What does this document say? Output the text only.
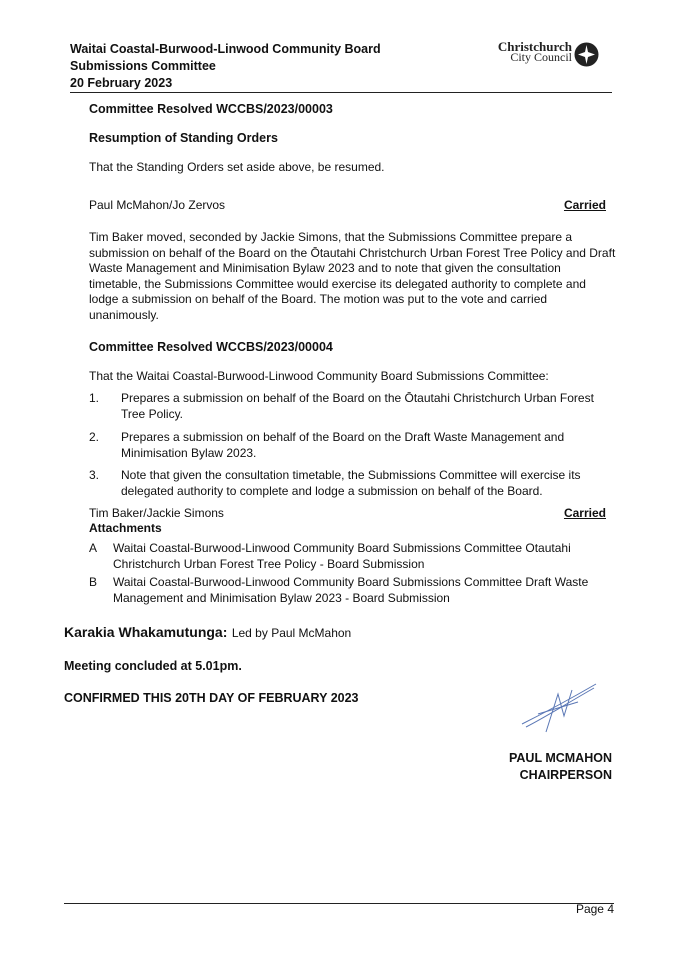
Waitai Coastal-Burwood-Linwood Community Board
Submissions Committee
20 February 2023
Christchurch
City Council
Committee Resolved WCCBS/2023/00003
Resumption of Standing Orders
That the Standing Orders set aside above, be resumed.
Paul McMahon/Jo Zervos	Carried
Tim Baker moved, seconded by Jackie Simons, that the Submissions Committee prepare a
submission on behalf of the Board on the Ōtautahi Christchurch Urban Forest Tree Policy and Draft
Waste Management and Minimisation Bylaw 2023 and to note that given the consultation
timetable, the Submissions Committee would exercise its delegated authority to complete and
lodge a submission on behalf of the Board. The motion was put to the vote and carried
unanimously.
Committee Resolved WCCBS/2023/00004
That the Waitai Coastal-Burwood-Linwood Community Board Submissions Committee:
1.	Prepares a submission on behalf of the Board on the Ōtautahi Christchurch Urban Forest
Tree Policy.
2.	Prepares a submission on behalf of the Board on the Draft Waste Management and
Minimisation Bylaw 2023.
3.	Note that given the consultation timetable, the Submissions Committee will exercise its
delegated authority to complete and lodge a submission on behalf of the Board.
Tim Baker/Jackie Simons	Carried
Attachments
A Waitai Coastal-Burwood-Linwood Community Board Submissions Committee Otautahi
Christchurch Urban Forest Tree Policy - Board Submission
B Waitai Coastal-Burwood-Linwood Community Board Submissions Committee Draft Waste
Management and Minimisation Bylaw 2023 - Board Submission
Karakia Whakamutunga: Led by Paul McMahon
Meeting concluded at 5.01pm.
CONFIRMED THIS 20TH DAY OF FEBRUARY 2023
PAUL MCMAHON
CHAIRPERSON
Page 4
